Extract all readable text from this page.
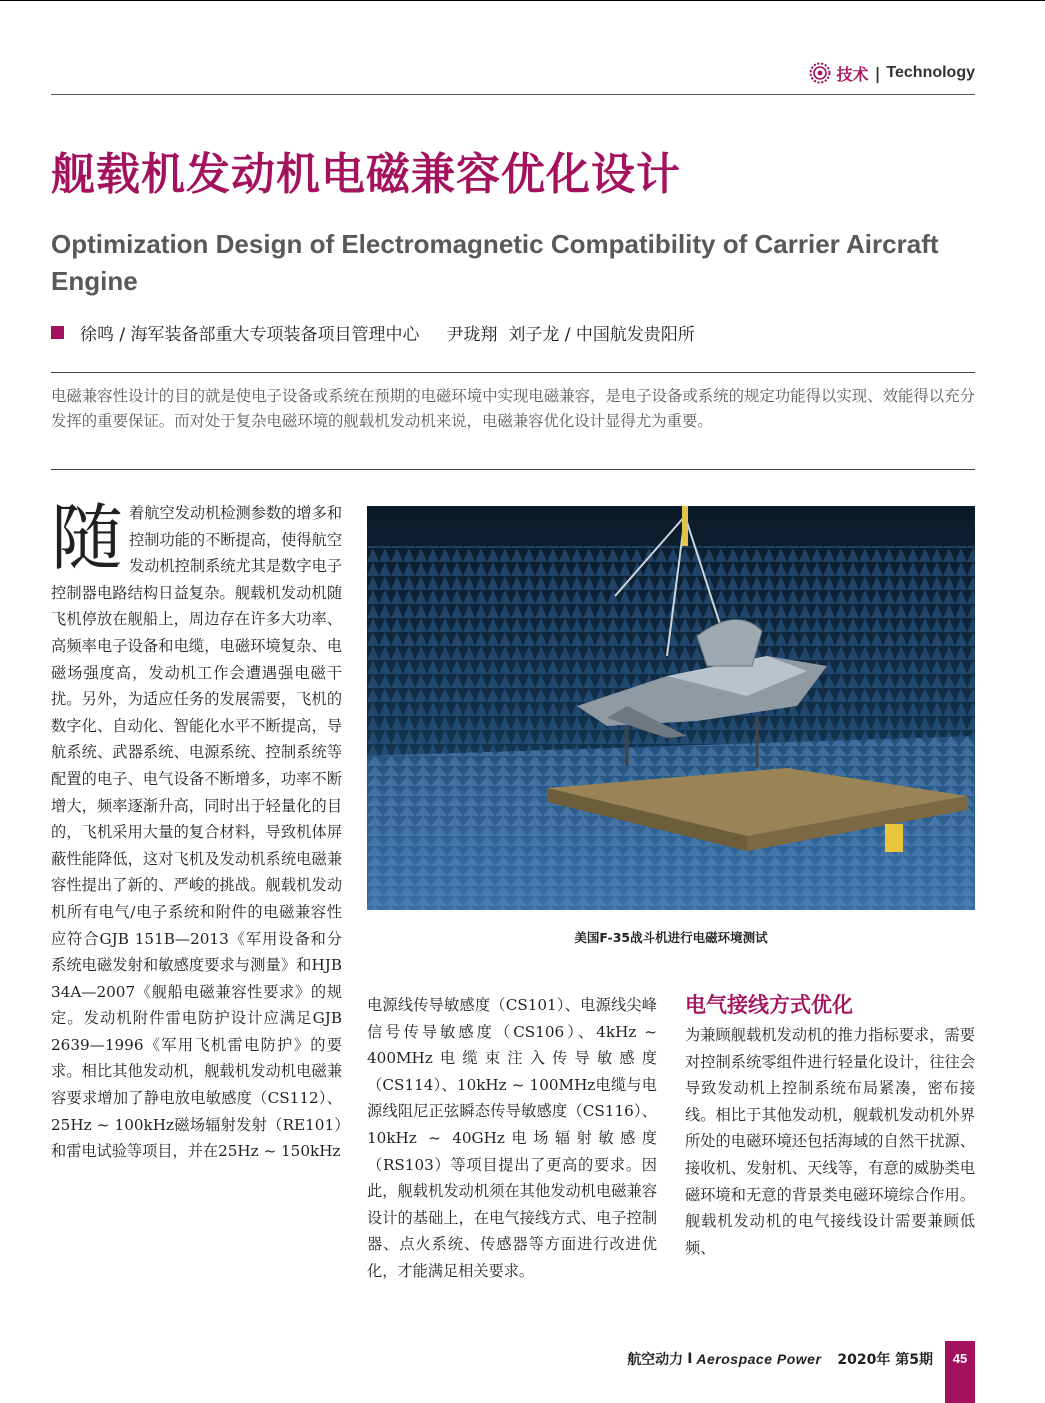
技术 | Technology
舰载机发动机电磁兼容优化设计
Optimization Design of Electromagnetic Compatibility of Carrier Aircraft Engine
徐鸣 / 海军装备部重大专项装备项目管理中心     尹珑翔  刘子龙 / 中国航发贵阳所
电磁兼容性设计的目的就是使电子设备或系统在预期的电磁环境中实现电磁兼容，是电子设备或系统的规定功能得以实现、效能得以充分发挥的重要保证。而对处于复杂电磁环境的舰载机发动机来说，电磁兼容优化设计显得尤为重要。
随着航空发动机检测参数的增多和控制功能的不断提高，使得航空发动机控制系统尤其是数字电子控制器电路结构日益复杂。舰载机发动机随飞机停放在舰船上，周边存在许多大功率、高频率电子设备和电缆，电磁环境复杂、电磁场强度高，发动机工作会遭遇强电磁干扰。另外，为适应任务的发展需要，飞机的数字化、自动化、智能化水平不断提高，导航系统、武器系统、电源系统、控制系统等配置的电子、电气设备不断增多，功率不断增大，频率逐渐升高，同时出于轻量化的目的，飞机采用大量的复合材料，导致机体屏蔽性能降低，这对飞机及发动机系统电磁兼容性提出了新的、严峻的挑战。舰载机发动机所有电气/电子系统和附件的电磁兼容性应符合GJB 151B—2013《军用设备和分系统电磁发射和敏感度要求与测量》和HJB 34A—2007《舰船电磁兼容性要求》的规定。发动机附件雷电防护设计应满足GJB 2639—1996《军用飞机雷电防护》的要求。相比其他发动机，舰载机发动机电磁兼容要求增加了静电放电敏感度（CS112）、25Hz ~ 100kHz磁场辐射发射（RE101）和雷电试验等项目，并在25Hz ~ 150kHz
美国F-35战斗机进行电磁环境测试
电源线传导敏感度（CS101）、电源线尖峰信号传导敏感度（CS106）、4kHz ~ 400MHz电缆束注入传导敏感度（CS114）、10kHz ~ 100MHz电缆与电源线阻尼正弦瞬态传导敏感度（CS116）、10kHz ~ 40GHz电场辐射敏感度（RS103）等项目提出了更高的要求。因此，舰载机发动机须在其他发动机电磁兼容设计的基础上，在电气接线方式、电子控制器、点火系统、传感器等方面进行改进优化，才能满足相关要求。
电气接线方式优化
为兼顾舰载机发动机的推力指标要求，需要对控制系统零组件进行轻量化设计，往往会导致发动机上控制系统布局紧凑，密布接线。相比于其他发动机，舰载机发动机外界所处的电磁环境还包括海域的自然干扰源、接收机、发射机、天线等，有意的威胁类电磁环境和无意的背景类电磁环境综合作用。舰载机发动机的电气接线设计需要兼顾低频、
航空动力 I Aerospace Power 2020年 第5期	45
